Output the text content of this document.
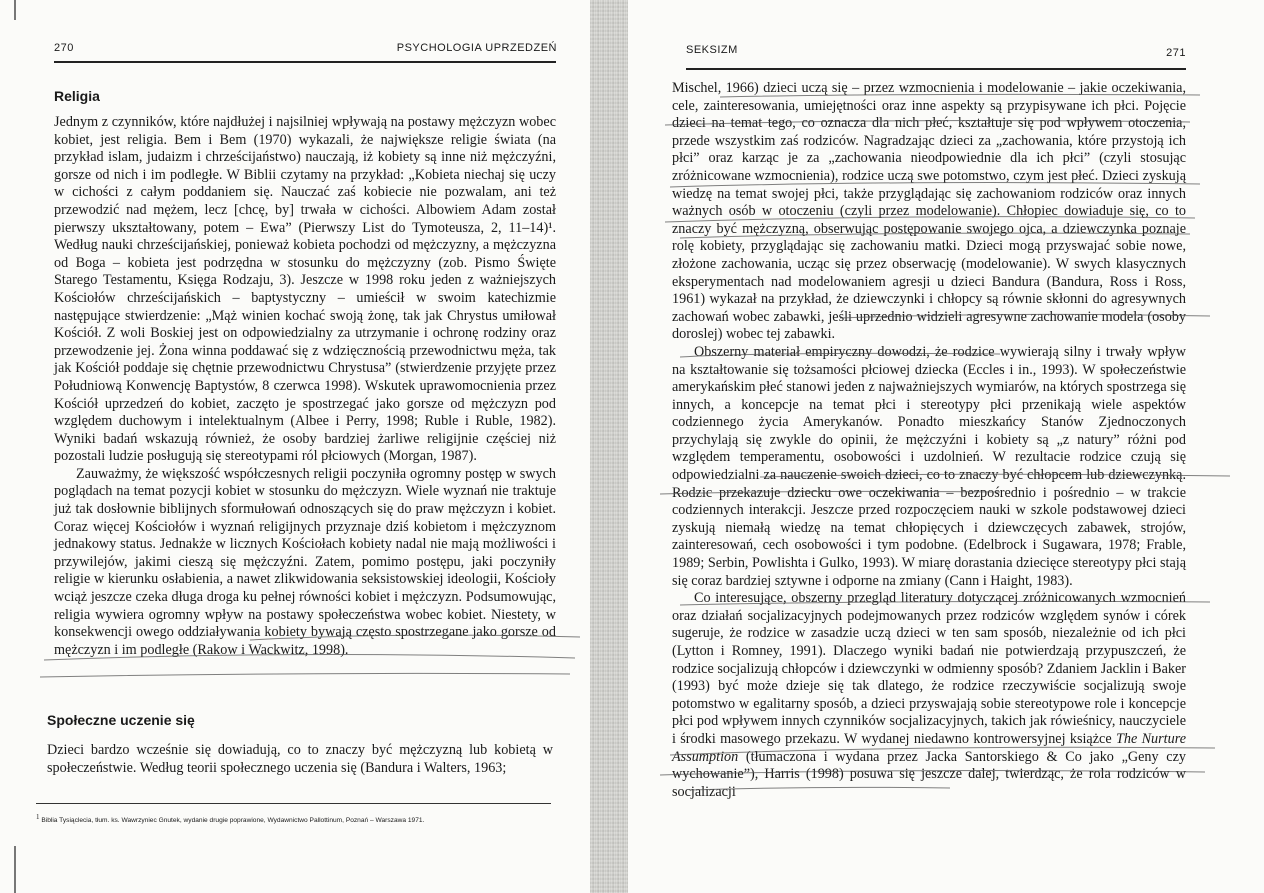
270	PSYCHOLOGIA UPRZEDZEŃ
Religia

Jednym z czynników, które najdłużej i najsilniej wpływają na postawy mężczyzn wobec kobiet, jest religia. Bem i Bem (1970) wykazali, że największe religie świata (na przykład islam, judaizm i chrześcijaństwo) nauczają, iż kobiety są inne niż mężczyźni, gorsze od nich i im podległe. W Biblii czytamy na przykład: „Kobieta niechaj się uczy w cichości z całym poddaniem się. Nauczać zaś kobiecie nie pozwalam, ani też przewodzić nad mężem, lecz [chcę, by] trwała w cichości. Albowiem Adam został pierwszy ukształtowany, potem – Ewa” (Pierwszy List do Tymoteusza, 2, 11–14)¹. Według nauki chrześcijańskiej, ponieważ kobieta pochodzi od mężczyzny, a mężczyzna od Boga – kobieta jest podrzędna w stosunku do mężczyzny (zob. Pismo Święte Starego Testamentu, Księga Rodzaju, 3). Jeszcze w 1998 roku jeden z ważniejszych Kościołów chrześcijańskich – baptystyczny – umieścił w swoim katechizmie następujące stwierdzenie: „Mąż winien kochać swoją żonę, tak jak Chrystus umiłował Kościół. Z woli Boskiej jest on odpowiedzialny za utrzymanie i ochronę rodziny oraz przewodzenie jej. Żona winna poddawać się z wdzięcznością przewodnictwu męża, tak jak Kościół poddaje się chętnie przewodnictwu Chrystusa” (stwierdzenie przyjęte przez Południową Konwencję Baptystów, 8 czerwca 1998). Wskutek uprawomocnienia przez Kościół uprzedzeń do kobiet, zaczęto je spostrzegać jako gorsze od mężczyzn pod względem duchowym i intelektualnym (Albee i Perry, 1998; Ruble i Ruble, 1982). Wyniki badań wskazują również, że osoby bardziej żarliwe religijnie częściej niż pozostali ludzie posługują się stereotypami ról płciowych (Morgan, 1987).

Zauważmy, że większość współczesnych religii poczyniła ogromny postęp w swych poglądach na temat pozycji kobiet w stosunku do mężczyzn. Wiele wyznań nie traktuje już tak dosłownie biblijnych sformułowań odnoszących się do praw mężczyzn i kobiet. Coraz więcej Kościołów i wyznań religijnych przyznaje dziś kobietom i mężczyznom jednakowy status. Jednakże w licznych Kościołach kobiety nadal nie mają możliwości i przywilejów, jakimi cieszą się mężczyźni. Zatem, pomimo postępu, jaki poczyniły religie w kierunku osłabienia, a nawet zlikwidowania seksistowskiej ideologii, Kościoły wciąż jeszcze czeka długa droga ku pełnej równości kobiet i mężczyzn. Podsumowując, religia wywiera ogromny wpływ na postawy społeczeństwa wobec kobiet. Niestety, w konsekwencji owego oddziaływania kobiety bywają często spostrzegane jako gorsze od mężczyzn i im podległe (Rakow i Wackwitz, 1998).

Społeczne uczenie się

Dzieci bardzo wcześnie się dowiadują, co to znaczy być mężczyzną lub kobietą w społeczeństwie. Według teorii społecznego uczenia się (Bandura i Walters, 1963;

$^1$ Biblia Tysiąclecia, tłum. ks. Wawrzyniec Gnutek, wydanie drugie poprawione, Wydawnictwo Pallottinum, Poznań – Warszawa 1971.
SEKSIZM	271

Mischel, 1966) dzieci uczą się – przez wzmocnienia i modelowanie – jakie oczekiwania, cele, zainteresowania, umiejętności oraz inne aspekty są przypisywane ich płci. Pojęcie dzieci na temat tego, co oznacza dla nich płeć, kształtuje się pod wpływem otoczenia, przede wszystkim zaś rodziców. Nagradzając dzieci za „zachowania, które przystoją ich płci” oraz karząc je za „zachowania nieodpowiednie dla ich płci” (czyli stosując zróżnicowane wzmocnienia), rodzice uczą swe potomstwo, czym jest płeć. Dzieci zyskują wiedzę na temat swojej płci, także przyglądając się zachowaniom rodziców oraz innych ważnych osób w otoczeniu (czyli przez modelowanie). Chłopiec dowiaduje się, co to znaczy być mężczyzną, obserwując postępowanie swojego ojca, a dziewczynka poznaje rolę kobiety, przyglądając się zachowaniu matki. Dzieci mogą przyswajać sobie nowe, złożone zachowania, ucząc się przez obserwację (modelowanie). W swych klasycznych eksperymentach nad modelowaniem agresji u dzieci Bandura (Bandura, Ross i Ross, 1961) wykazał na przykład, że dziewczynki i chłopcy są równie skłonni do agresywnych zachowań wobec zabawki, jeśli uprzednio widzieli agresywne zachowanie modela (osoby doroslej) wobec tej zabawki.

Obszerny materiał empiryczny dowodzi, że rodzice wywierają silny i trwały wpływ na kształtowanie się tożsamości płciowej dziecka (Eccles i in., 1993). W społeczeństwie amerykańskim płeć stanowi jeden z najważniejszych wymiarów, na których spostrzega się innych, a koncepcje na temat płci i stereotypy płci przenikają wiele aspektów codziennego życia Amerykanów. Ponadto mieszkańcy Stanów Zjednoczonych przychylają się zwykle do opinii, że mężczyźni i kobiety są „z natury” różni pod względem temperamentu, osobowości i uzdolnień. W rezultacie rodzice czują się odpowiedzialni za nauczenie swoich dzieci, co to znaczy być chłopcem lub dziewczynką. Rodzic przekazuje dziecku owe oczekiwania – bezpośrednio i pośrednio – w trakcie codziennych interakcji. Jeszcze przed rozpoczęciem nauki w szkole podstawowej dzieci zyskują niemałą wiedzę na temat chłopięcych i dziewczęcych zabawek, strojów, zainteresowań, cech osobowości i tym podobne. (Edelbrock i Sugawara, 1978; Frable, 1989; Serbin, Powlishta i Gulko, 1993). W miarę dorastania dziecięce stereotypy płci stają się coraz bardziej sztywne i odporne na zmiany (Cann i Haight, 1983).

Co interesujące, obszerny przegląd literatury dotyczącej zróżnicowanych wzmocnień oraz działań socjalizacyjnych podejmowanych przez rodziców względem synów i córek sugeruje, że rodzice w zasadzie uczą dzieci w ten sam sposób, niezależnie od ich płci (Lytton i Romney, 1991). Dlaczego wyniki badań nie potwierdzają przypuszczeń, że rodzice socjalizują chłopców i dziewczynki w odmienny sposób? Zdaniem Jacklin i Baker (1993) być może dzieje się tak dlatego, że rodzice rzeczywiście socjalizują swoje potomstwo w egalitarny sposób, a dzieci przyswajają sobie stereotypowe role i koncepcje płci pod wpływem innych czynników socjalizacyjnych, takich jak rówieśnicy, nauczyciele i środki masowego przekazu. W wydanej niedawno kontrowersyjnej książce The Nurture Assumption (tłumaczona i wydana przez Jacka Santorskiego & Co jako „Geny czy wychowanie”), Harris (1998) posuwa się jeszcze dalej, twierdząc, że rola rodziców w socjalizacji
